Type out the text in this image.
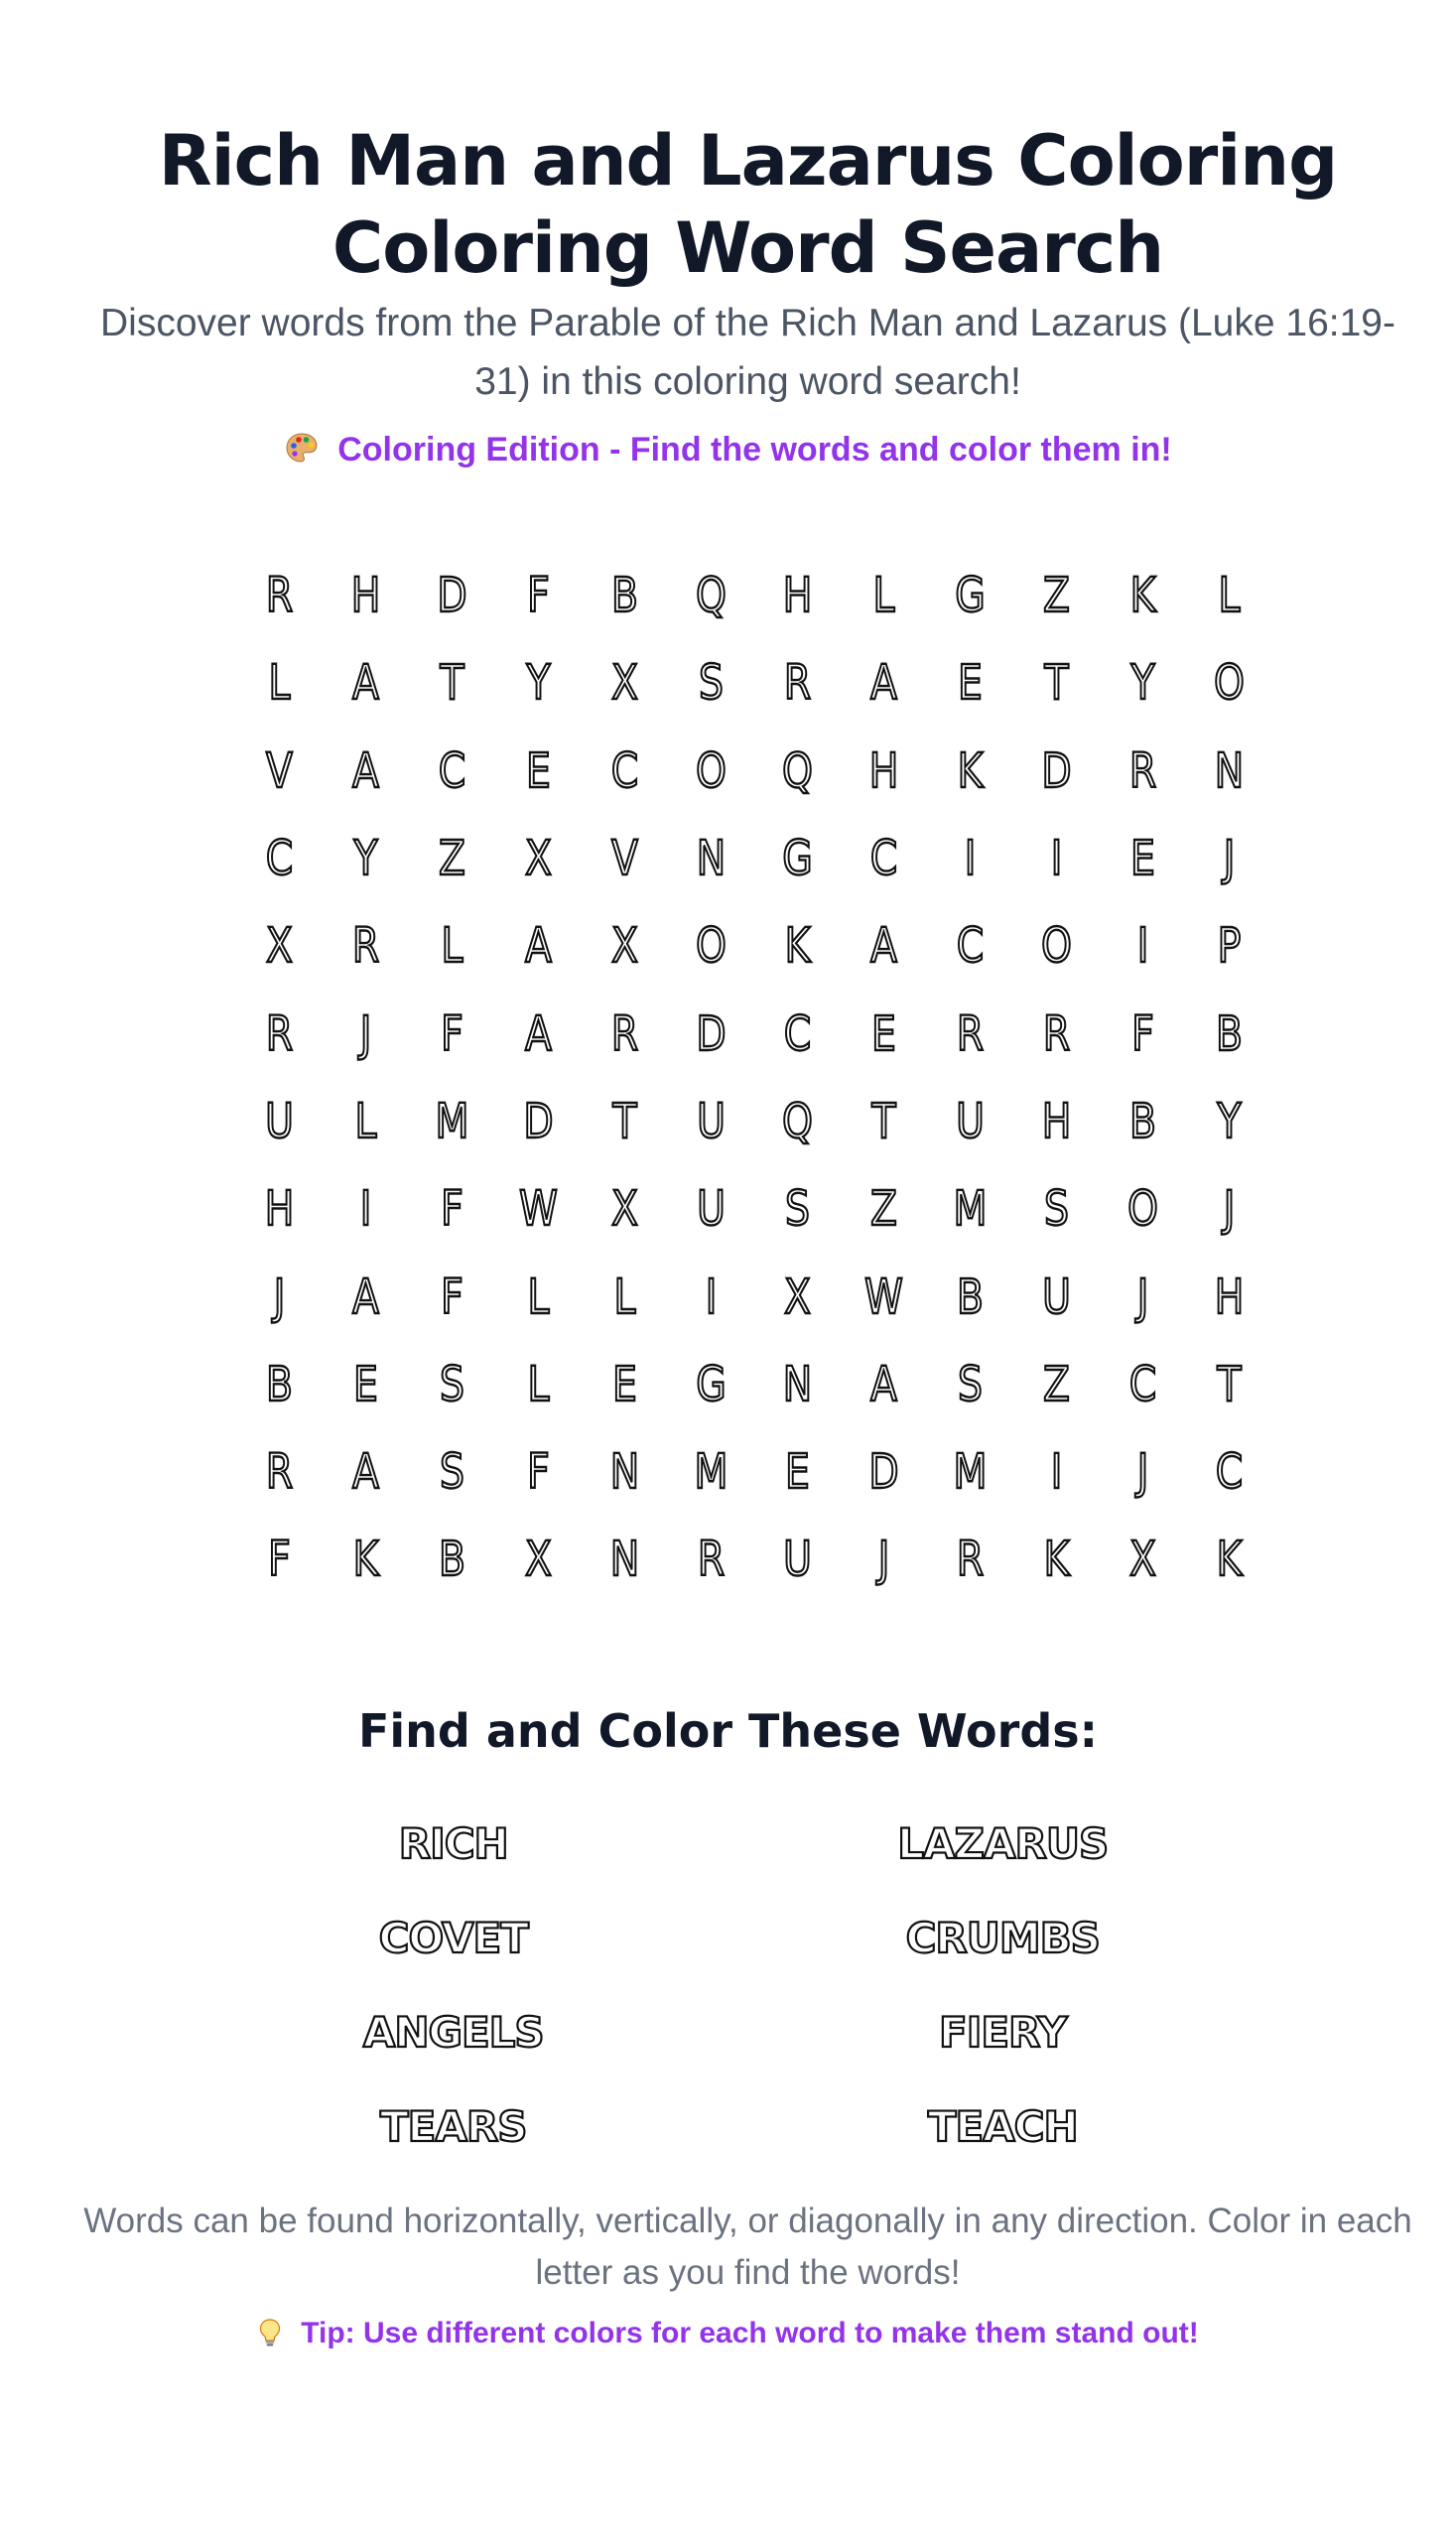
Rich Man and Lazarus Coloring Coloring Word Search

Discover words from the Parable of the Rich Man and Lazarus (Luke 16:19-31) in this coloring word search!

Coloring Edition - Find the words and color them in!
R	H	D	F	B	Q	H	L	G	Z	K	L
L	A	T	Y	X	S	R	A	E	T	Y	O
V	A	C	E	C	O	Q	H	K	D	R	N
C	Y	Z	X	V	N	G	C	I	I	E	J
X	R	L	A	X	O	K	A	C	O	I	P
R	J	F	A	R	D	C	E	R	R	F	B
U	L	M	D	T	U	Q	T	U	H	B	Y
H	I	F	W	X	U	S	Z	M	S	O	J
J	A	F	L	L	I	X	W	B	U	J	H
B	E	S	L	E	G	N	A	S	Z	C	T
R	A	S	F	N	M	E	D	M	I	J	C
F	K	B	X	N	R	U	J	R	K	X	K
Find and Color These Words:
RICH	LAZARUS
COVET	CRUMBS
ANGELS	FIERY
TEARS	TEACH

Words can be found horizontally, vertically, or diagonally in any direction. Color in each letter as you find the words!

Tip: Use different colors for each word to make them stand out!
